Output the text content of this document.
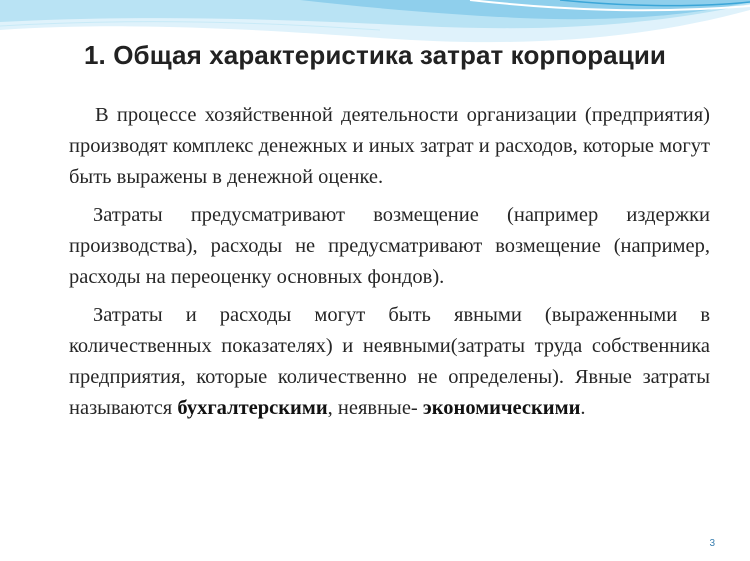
1. Общая характеристика затрат корпорации

В процессе хозяйственной деятельности организации (предприятия) производят комплекс денежных и иных затрат и расходов, которые могут быть выражены в денежной оценке.

Затраты предусматривают возмещение (например издержки производства), расходы не предусматривают возмещение (например, расходы на переоценку основных фондов).

Затраты и расходы могут быть явными (выраженными в количественных показателях) и неявными(затраты труда собственника предприятия, которые количественно не определены). Явные затраты называются бухгалтерскими, неявные- экономическими.

3
